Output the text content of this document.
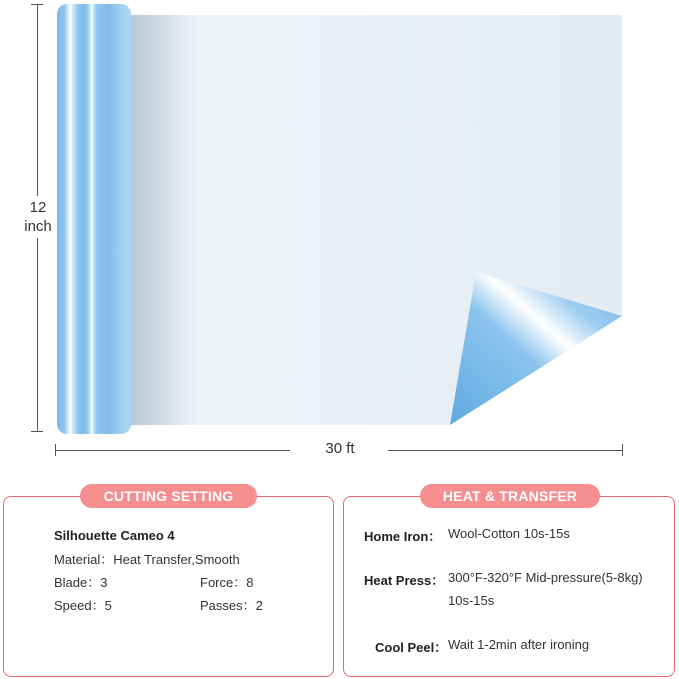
12
inch
30 ft
CUTTING SETTING
Silhouette Cameo 4
Material：Heat Transfer,Smooth
Blade：3	Force：8
Speed：5	Passes：2
HEAT & TRANSFER
Home Iron： Wool-Cotton 10s-15s
Heat Press： 300°F-320°F Mid-pressure(5-8kg)
10s-15s
Cool Peel： Wait 1-2min after ironing
